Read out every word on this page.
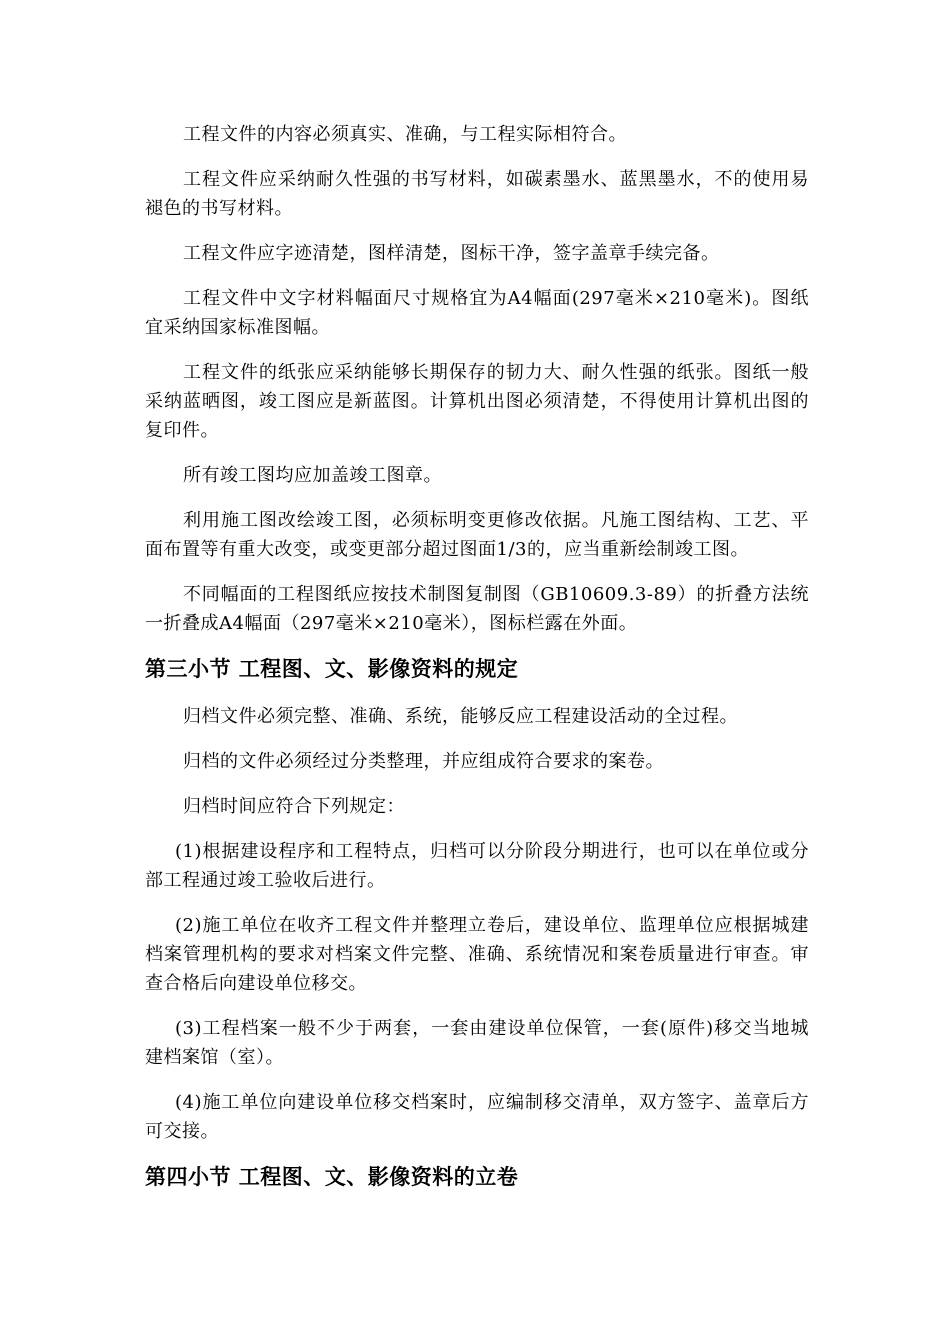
工程文件的内容必须真实、准确，与工程实际相符合。

工程文件应采纳耐久性强的书写材料，如碳素墨水、蓝黑墨水，不的使用易褪色的书写材料。

工程文件应字迹清楚，图样清楚，图标干净，签字盖章手续完备。

工程文件中文字材料幅面尺寸规格宜为A4幅面(297毫米×210毫米)。图纸宜采纳国家标准图幅。

工程文件的纸张应采纳能够长期保存的韧力大、耐久性强的纸张。图纸一般采纳蓝晒图，竣工图应是新蓝图。计算机出图必须清楚，不得使用计算机出图的复印件。

所有竣工图均应加盖竣工图章。

利用施工图改绘竣工图，必须标明变更修改依据。凡施工图结构、工艺、平面布置等有重大改变，或变更部分超过图面1/3的，应当重新绘制竣工图。

不同幅面的工程图纸应按技术制图复制图（GB10609.3-89）的折叠方法统一折叠成A4幅面（297毫米×210毫米），图标栏露在外面。

第三小节 工程图、文、影像资料的规定

归档文件必须完整、准确、系统，能够反应工程建设活动的全过程。

归档的文件必须经过分类整理，并应组成符合要求的案卷。

归档时间应符合下列规定：

(1)根据建设程序和工程特点，归档可以分阶段分期进行，也可以在单位或分部工程通过竣工验收后进行。

(2)施工单位在收齐工程文件并整理立卷后，建设单位、监理单位应根据城建档案管理机构的要求对档案文件完整、准确、系统情况和案卷质量进行审查。审查合格后向建设单位移交。

(3)工程档案一般不少于两套，一套由建设单位保管，一套(原件)移交当地城建档案馆（室）。

(4)施工单位向建设单位移交档案时，应编制移交清单，双方签字、盖章后方可交接。

第四小节 工程图、文、影像资料的立卷
